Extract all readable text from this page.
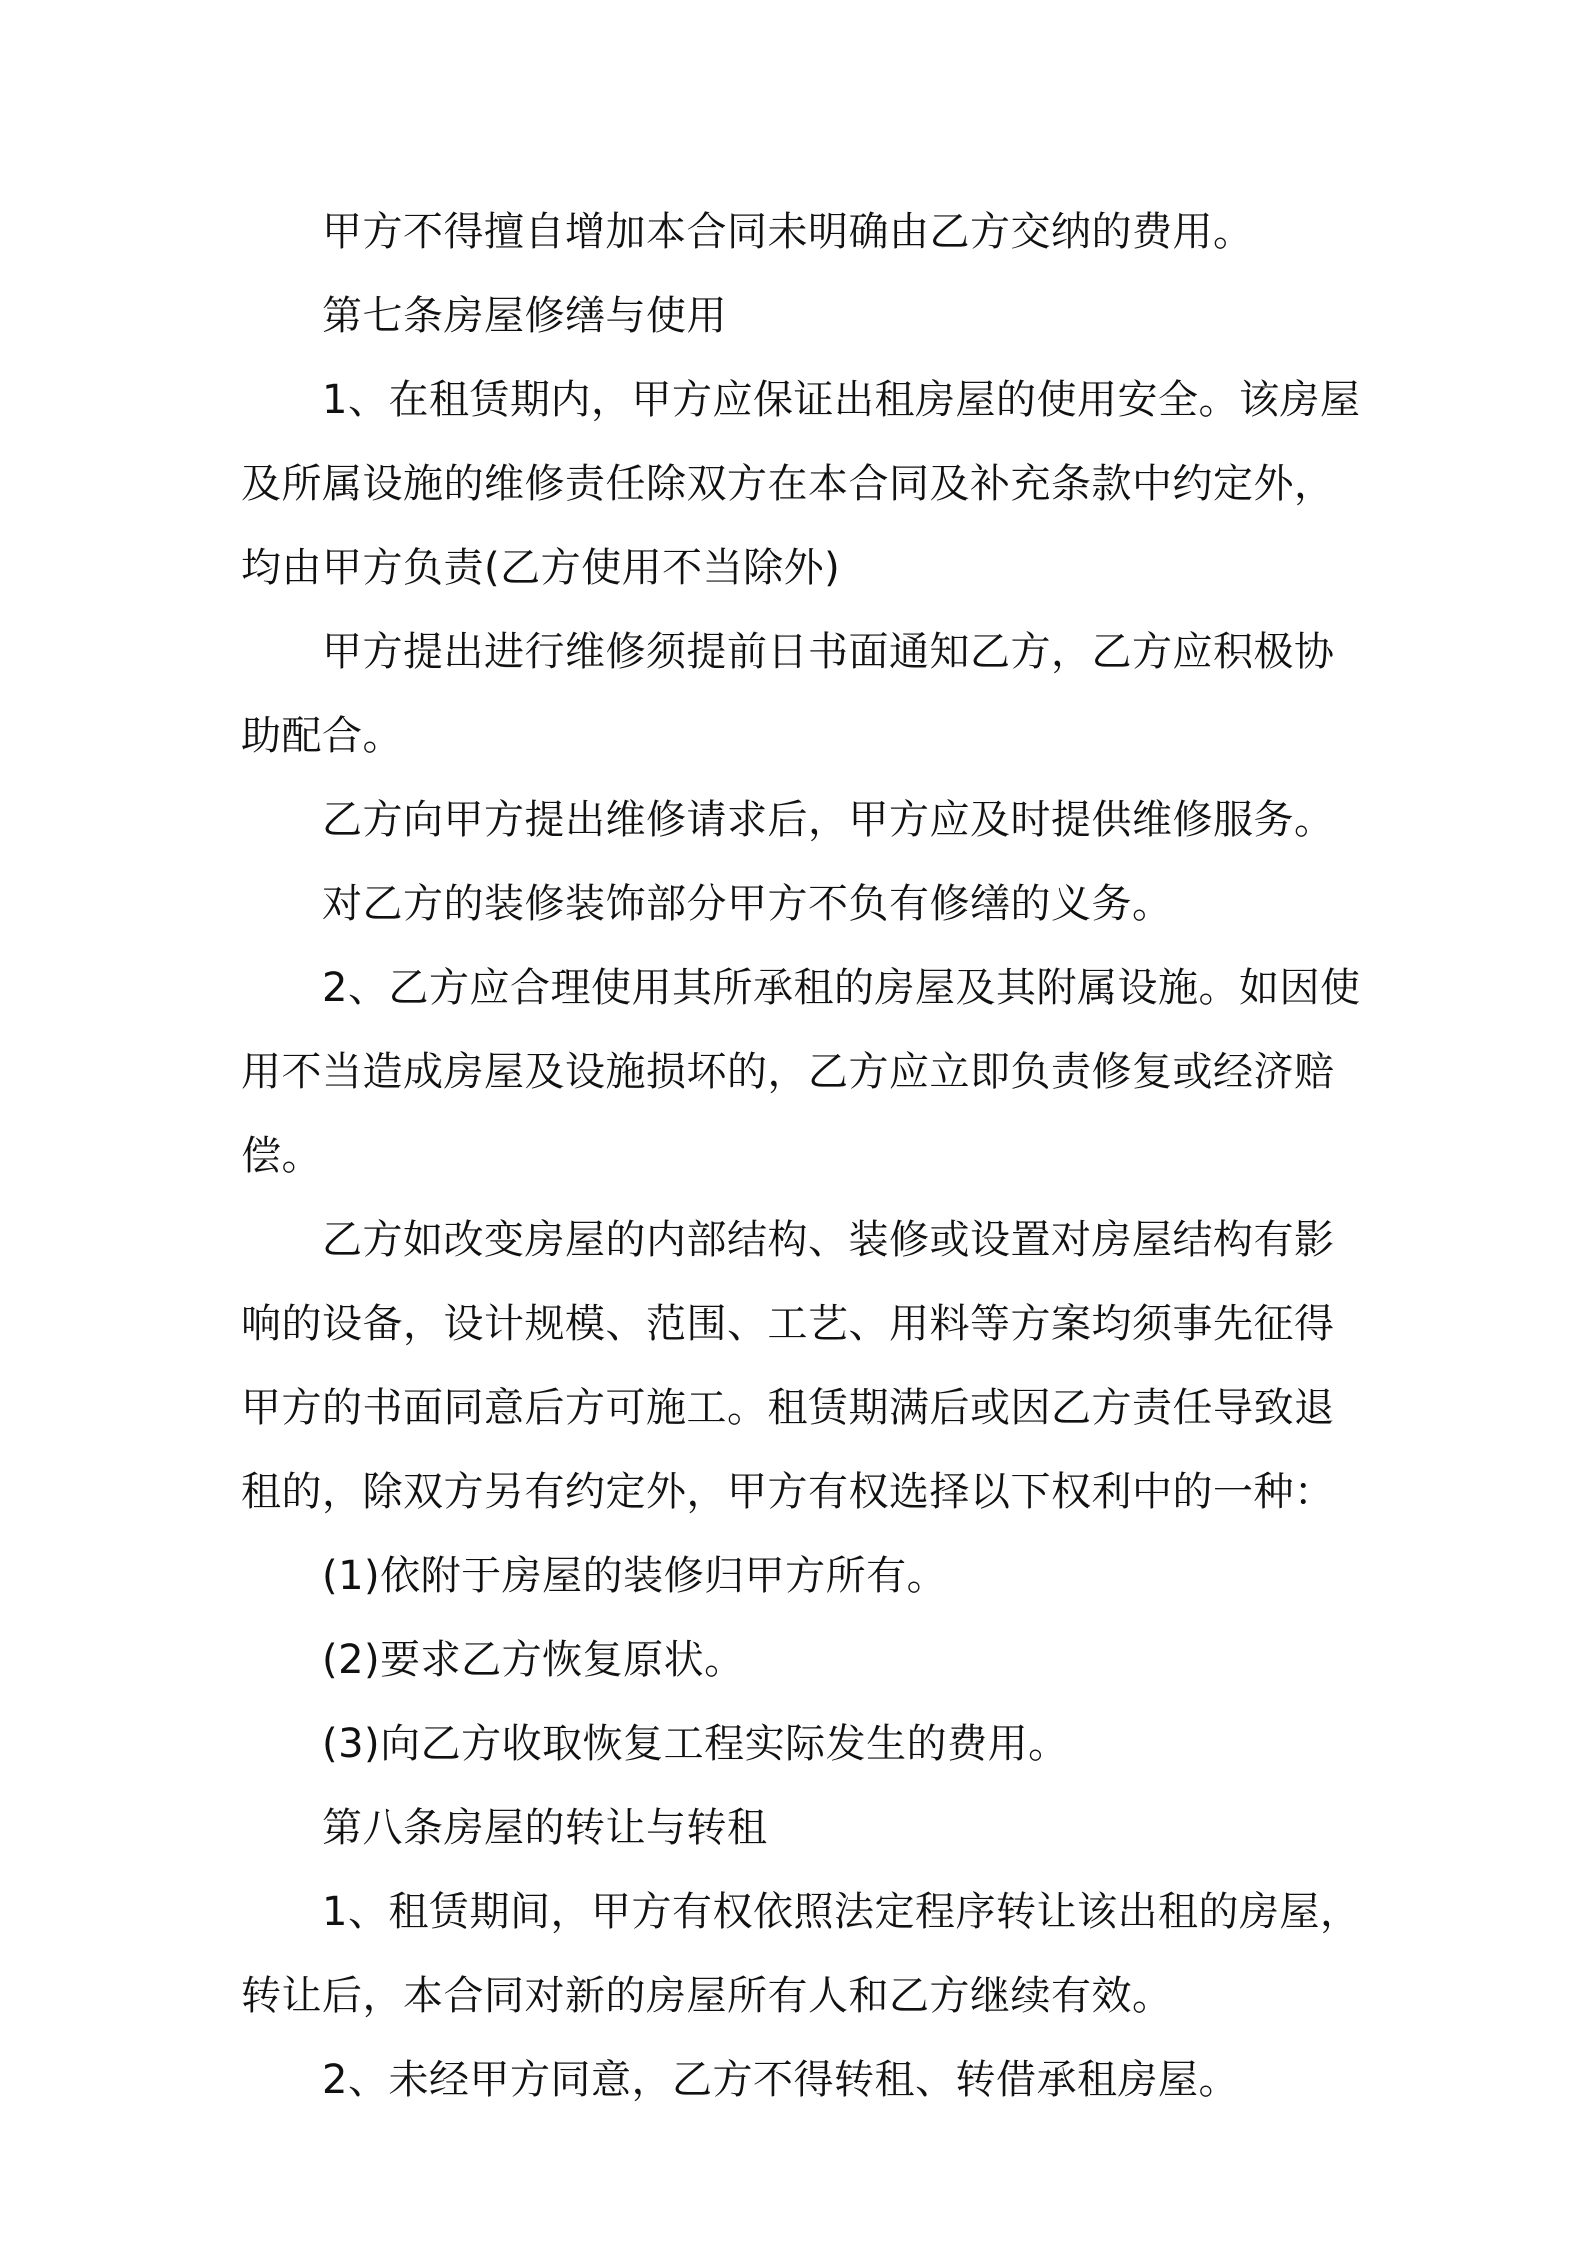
甲方不得擅自增加本合同未明确由乙方交纳的费用。

第七条房屋修缮与使用

1、在租赁期内，甲方应保证出租房屋的使用安全。该房屋及所属设施的维修责任除双方在本合同及补充条款中约定外，均由甲方负责(乙方使用不当除外)

甲方提出进行维修须提前日书面通知乙方，乙方应积极协助配合。

乙方向甲方提出维修请求后，甲方应及时提供维修服务。

对乙方的装修装饰部分甲方不负有修缮的义务。

2、乙方应合理使用其所承租的房屋及其附属设施。如因使用不当造成房屋及设施损坏的，乙方应立即负责修复或经济赔偿。

乙方如改变房屋的内部结构、装修或设置对房屋结构有影响的设备，设计规模、范围、工艺、用料等方案均须事先征得甲方的书面同意后方可施工。租赁期满后或因乙方责任导致退租的，除双方另有约定外，甲方有权选择以下权利中的一种：

(1)依附于房屋的装修归甲方所有。

(2)要求乙方恢复原状。

(3)向乙方收取恢复工程实际发生的费用。

第八条房屋的转让与转租

1、租赁期间，甲方有权依照法定程序转让该出租的房屋，转让后，本合同对新的房屋所有人和乙方继续有效。

2、未经甲方同意，乙方不得转租、转借承租房屋。
